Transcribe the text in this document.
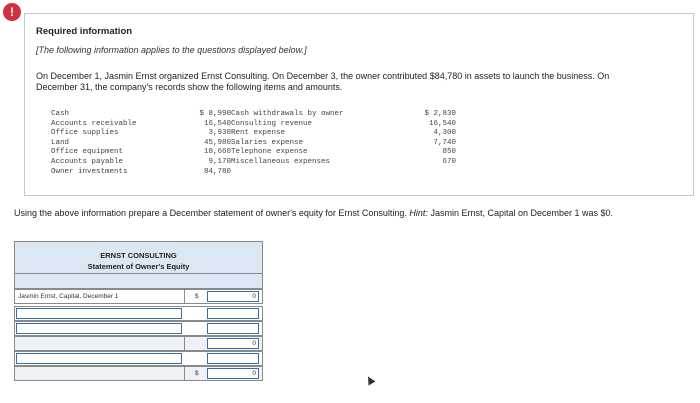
!
Required information
[The following information applies to the questions displayed below.]
On December 1, Jasmin Ernst organized Ernst Consulting. On December 3, the owner contributed $84,780 in assets to launch the business. On December 31, the company's records show the following items and amounts.
Cash
Accounts receivable
Office supplies
Land
Office equipment
Accounts payable
Owner investments
$ 8,990
16,540
3,930
45,980
18,660
9,170
84,780
Cash withdrawals by owner
Consulting revenue
Rent expense
Salaries expense
Telephone expense
Miscellaneous expenses
$ 2,830
16,540
4,300
7,740
850
670
Using the above information prepare a December statement of owner's equity for Ernst Consulting. Hint: Jasmin Ernst, Capital on December 1 was $0.
ERNST CONSULTING
Statement of Owner's Equity
Jasmin Ernst, Capital, December 1	$
0
0
$
0
